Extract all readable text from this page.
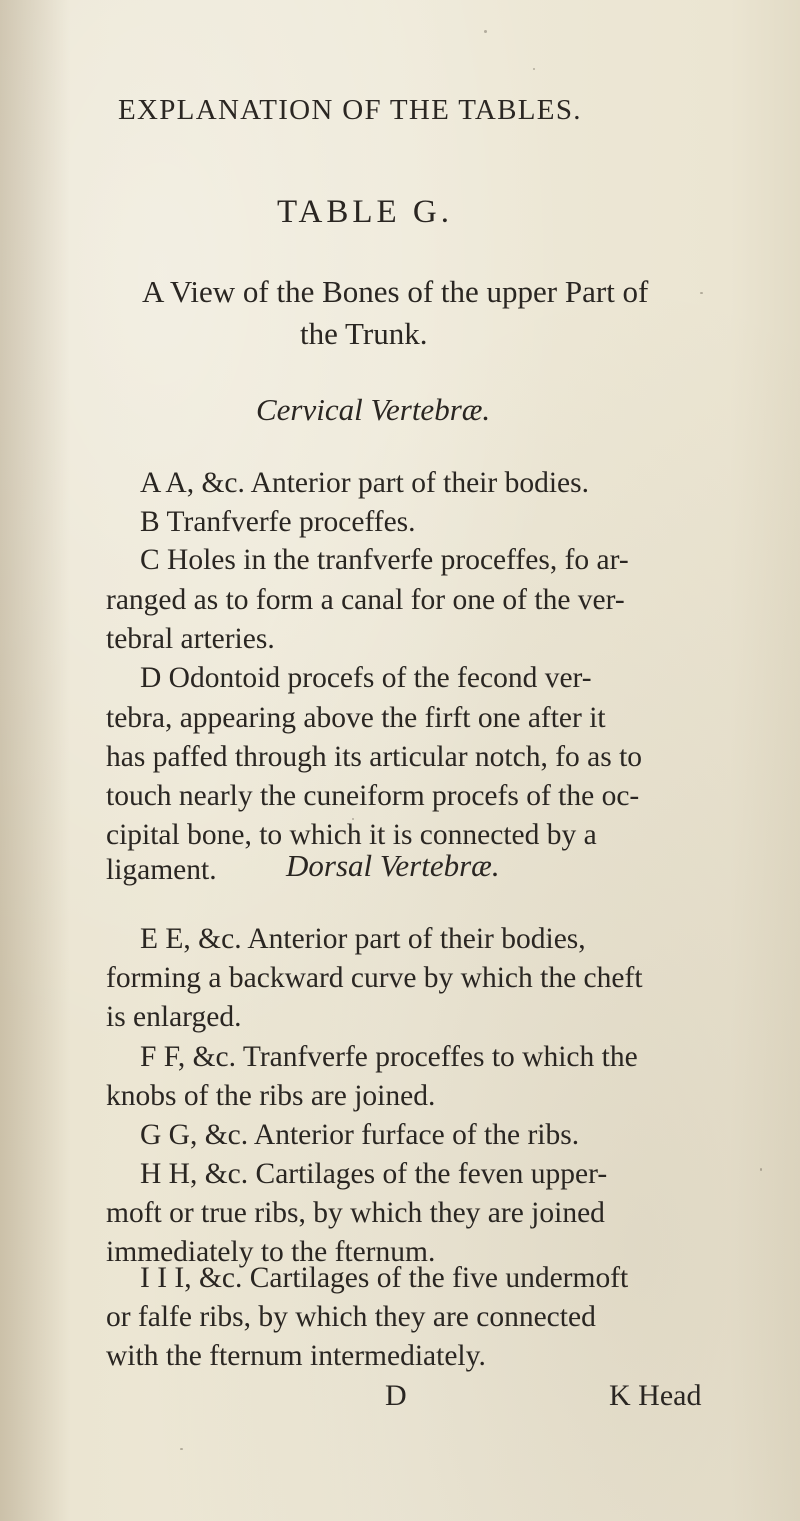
EXPLANATION OF THE TABLES.

TABLE G.

A View of the Bones of the upper Part of

the Trunk.

Cervical Vertebræ.

A A, &c. Anterior part of their bodies.

B Tranfverfe proceffes.

C Holes in the tranfverfe proceffes, fo ar-

ranged as to form a canal for one of the ver-

tebral arteries.

D Odontoid procefs of the fecond ver-

tebra, appearing above the firft one after it

has paffed through its articular notch, fo as to

touch nearly the cuneiform procefs of the oc-

cipital bone, to which it is connected by a

ligament. Dorsal Vertebræ.

E E, &c. Anterior part of their bodies,

forming a backward curve by which the cheft

is enlarged.

F F, &c. Tranfverfe proceffes to which the

knobs of the ribs are joined.

G G, &c. Anterior furface of the ribs.

H H, &c. Cartilages of the feven upper-

moft or true ribs, by which they are joined

immediately to the fternum.

I I I, &c. Cartilages of the five undermoft

or falfe ribs, by which they are connected

with the fternum intermediately.

D	K Head
